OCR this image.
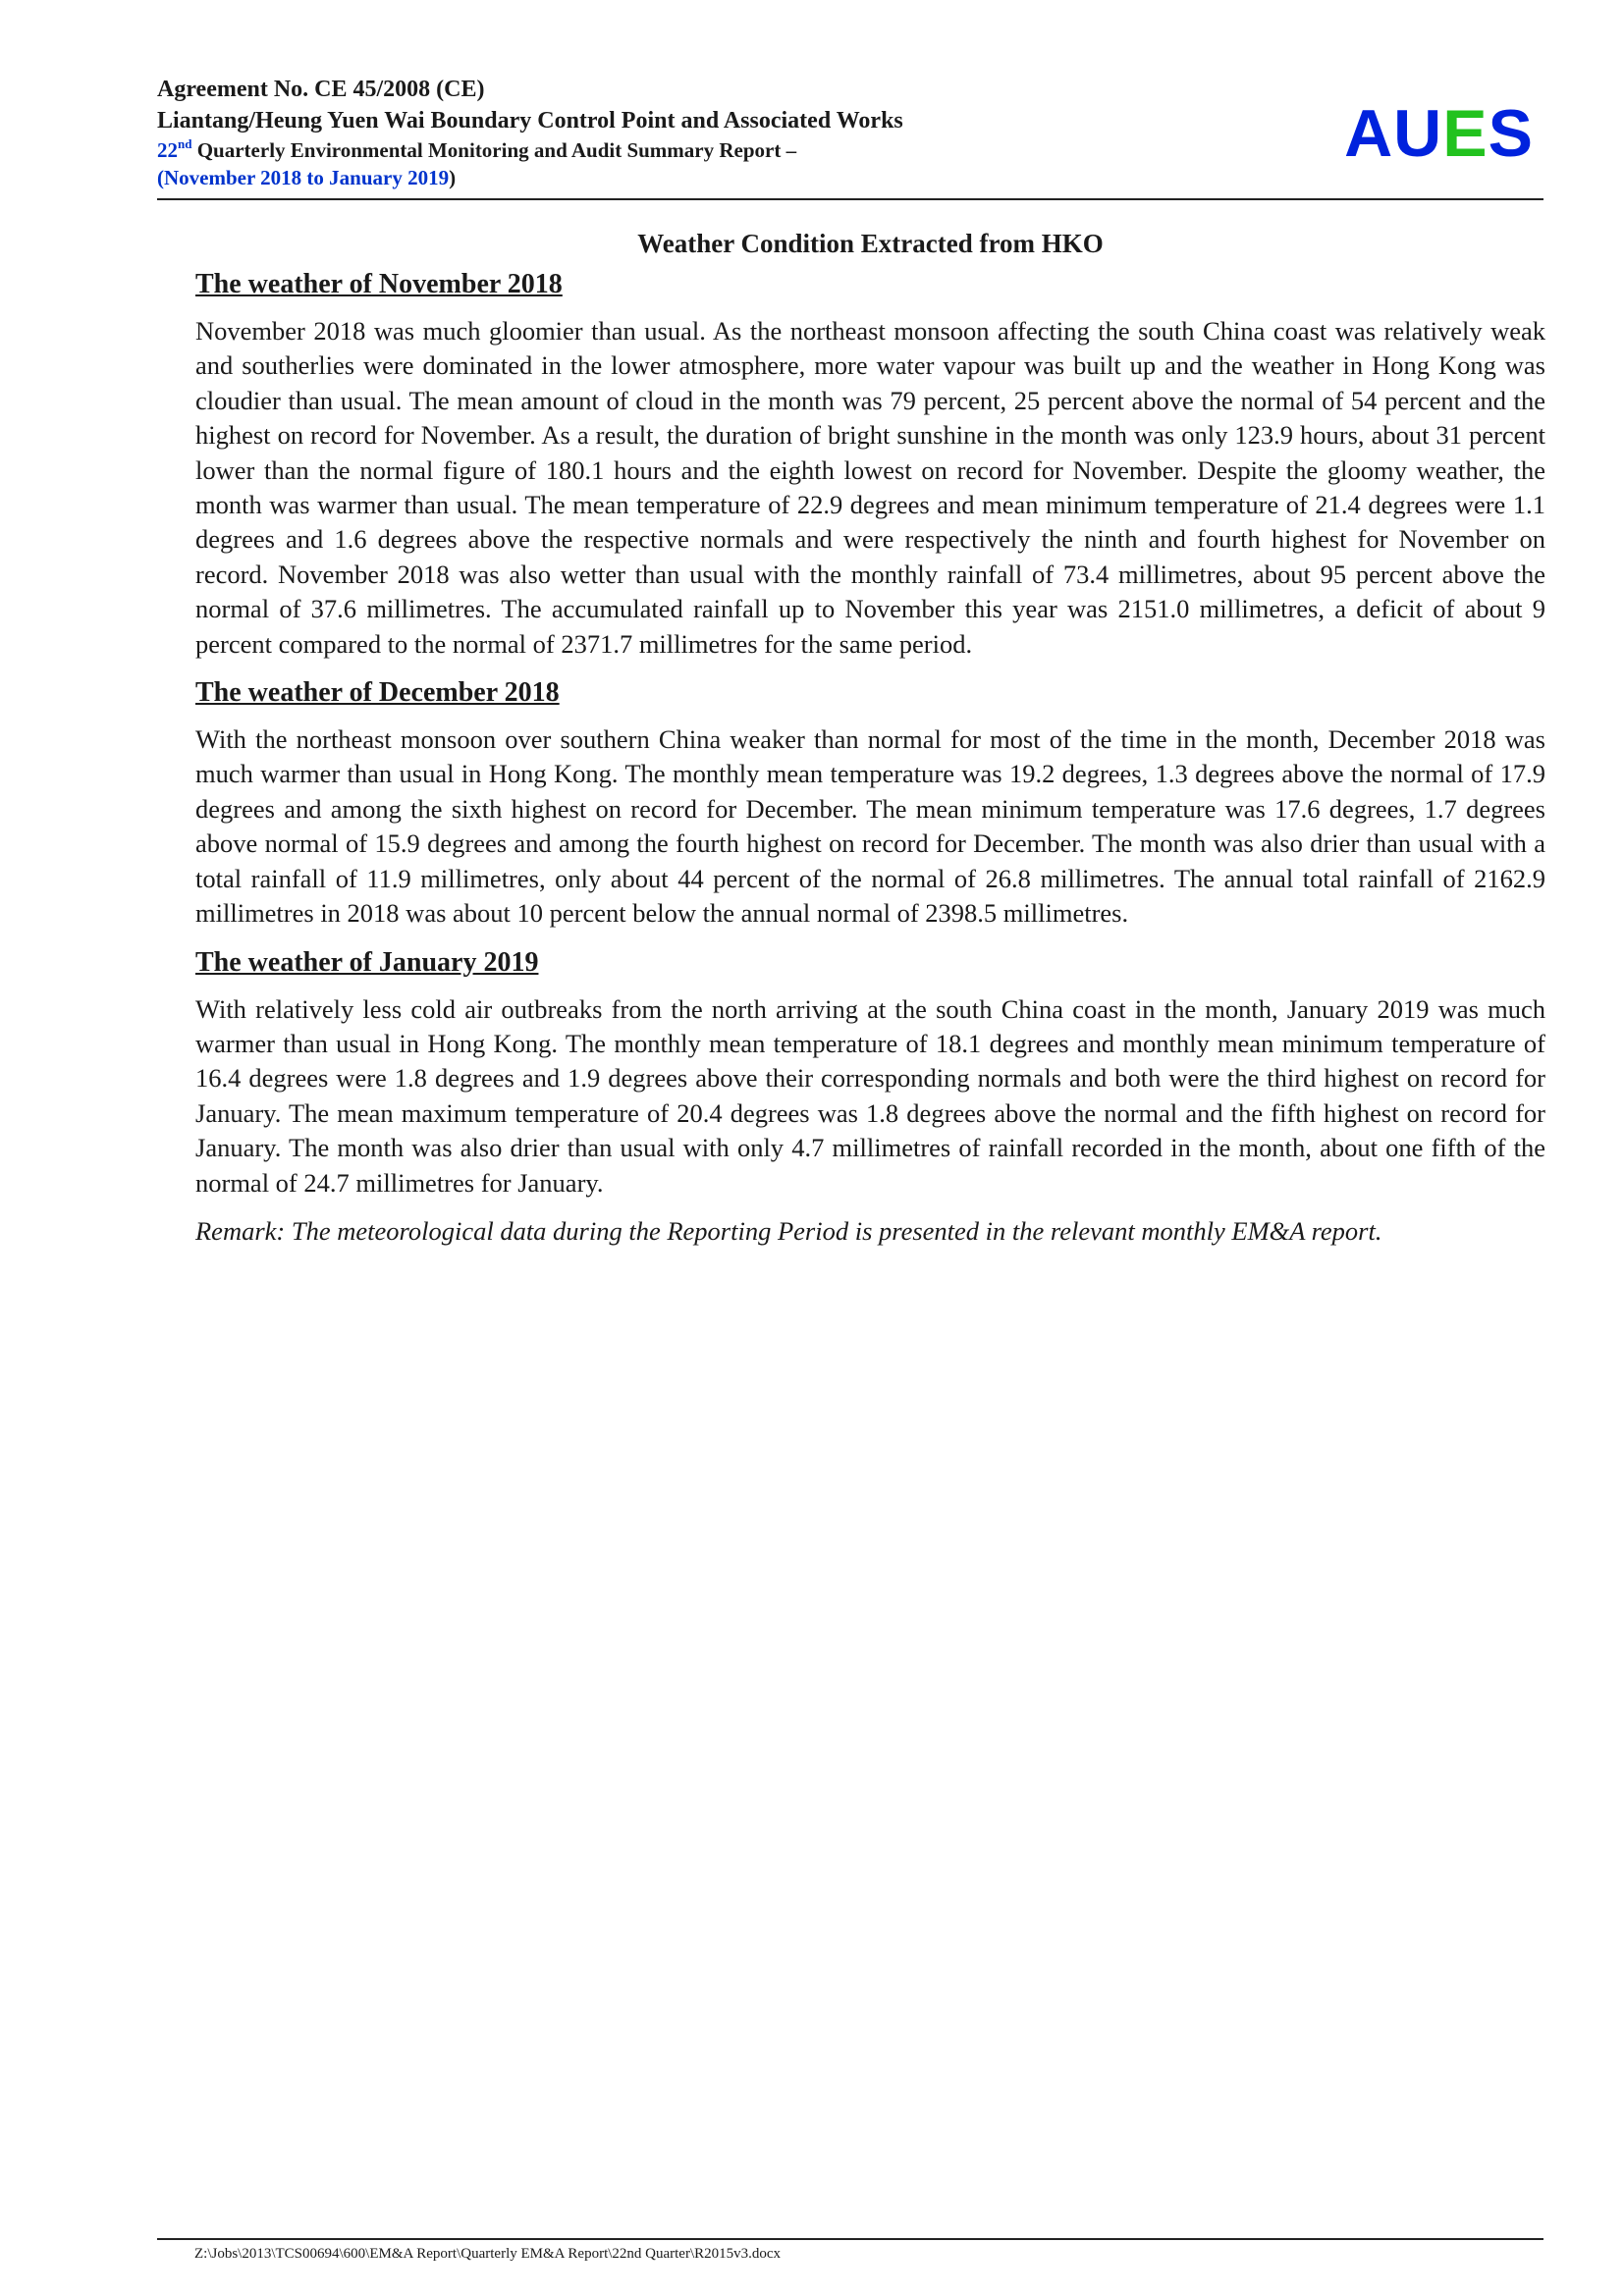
Agreement No. CE 45/2008 (CE)
Liantang/Heung Yuen Wai Boundary Control Point and Associated Works
22nd Quarterly Environmental Monitoring and Audit Summary Report –
(November 2018 to January 2019)
AUES
Weather Condition Extracted from HKO
The weather of November 2018

November 2018 was much gloomier than usual. As the northeast monsoon affecting the south China coast was relatively weak and southerlies were dominated in the lower atmosphere, more water vapour was built up and the weather in Hong Kong was cloudier than usual. The mean amount of cloud in the month was 79 percent, 25 percent above the normal of 54 percent and the highest on record for November. As a result, the duration of bright sunshine in the month was only 123.9 hours, about 31 percent lower than the normal figure of 180.1 hours and the eighth lowest on record for November. Despite the gloomy weather, the month was warmer than usual. The mean temperature of 22.9 degrees and mean minimum temperature of 21.4 degrees were 1.1 degrees and 1.6 degrees above the respective normals and were respectively the ninth and fourth highest for November on record. November 2018 was also wetter than usual with the monthly rainfall of 73.4 millimetres, about 95 percent above the normal of 37.6 millimetres. The accumulated rainfall up to November this year was 2151.0 millimetres, a deficit of about 9 percent compared to the normal of 2371.7 millimetres for the same period.

The weather of December 2018

With the northeast monsoon over southern China weaker than normal for most of the time in the month, December 2018 was much warmer than usual in Hong Kong. The monthly mean temperature was 19.2 degrees, 1.3 degrees above the normal of 17.9 degrees and among the sixth highest on record for December. The mean minimum temperature was 17.6 degrees, 1.7 degrees above normal of 15.9 degrees and among the fourth highest on record for December. The month was also drier than usual with a total rainfall of 11.9 millimetres, only about 44 percent of the normal of 26.8 millimetres. The annual total rainfall of 2162.9 millimetres in 2018 was about 10 percent below the annual normal of 2398.5 millimetres.

The weather of January 2019

With relatively less cold air outbreaks from the north arriving at the south China coast in the month, January 2019 was much warmer than usual in Hong Kong. The monthly mean temperature of 18.1 degrees and monthly mean minimum temperature of 16.4 degrees were 1.8 degrees and 1.9 degrees above their corresponding normals and both were the third highest on record for January. The mean maximum temperature of 20.4 degrees was 1.8 degrees above the normal and the fifth highest on record for January. The month was also drier than usual with only 4.7 millimetres of rainfall recorded in the month, about one fifth of the normal of 24.7 millimetres for January.

Remark: The meteorological data during the Reporting Period is presented in the relevant monthly EM&A report.

Z:\Jobs\2013\TCS00694\600\EM&A Report\Quarterly EM&A Report\22nd Quarter\R2015v3.docx
